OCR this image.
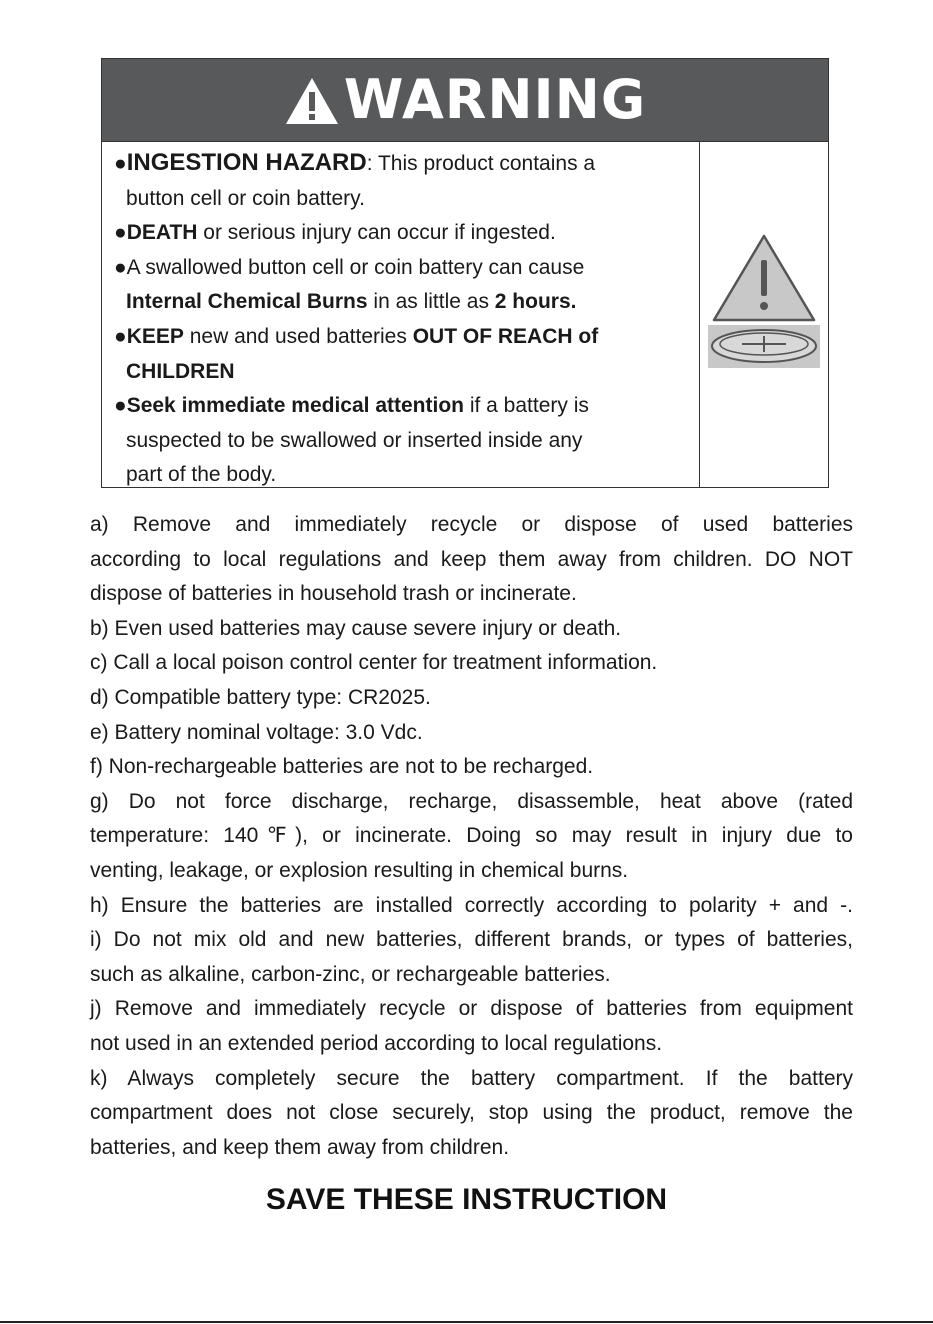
WARNING
●INGESTION HAZARD: This product contains a
button cell or coin battery.
●DEATH or serious injury can occur if ingested.
●A swallowed button cell or coin battery can cause
Internal Chemical Burns in as little as 2 hours.
●KEEP new and used batteries OUT OF REACH of
CHILDREN
●Seek immediate medical attention if a battery is
suspected to be swallowed or inserted inside any
part of the body.
a) Remove and immediately recycle or dispose of used batteries
according to local regulations and keep them away from children. DO NOT
dispose of batteries in household trash or incinerate.
b) Even used batteries may cause severe injury or death.
c) Call a local poison control center for treatment information.
d) Compatible battery type: CR2025.
e) Battery nominal voltage: 3.0 Vdc.
f) Non-rechargeable batteries are not to be recharged.
g) Do not force discharge, recharge, disassemble, heat above (rated
temperature: 140℉), or incinerate. Doing so may result in injury due to
venting, leakage, or explosion resulting in chemical burns.
h) Ensure the batteries are installed correctly according to polarity + and -.
i) Do not mix old and new batteries, different brands, or types of batteries,
such as alkaline, carbon-zinc, or rechargeable batteries.
j) Remove and immediately recycle or dispose of batteries from equipment
not used in an extended period according to local regulations.
k) Always completely secure the battery compartment. If the battery
compartment does not close securely, stop using the product, remove the
batteries, and keep them away from children.
SAVE THESE INSTRUCTION
